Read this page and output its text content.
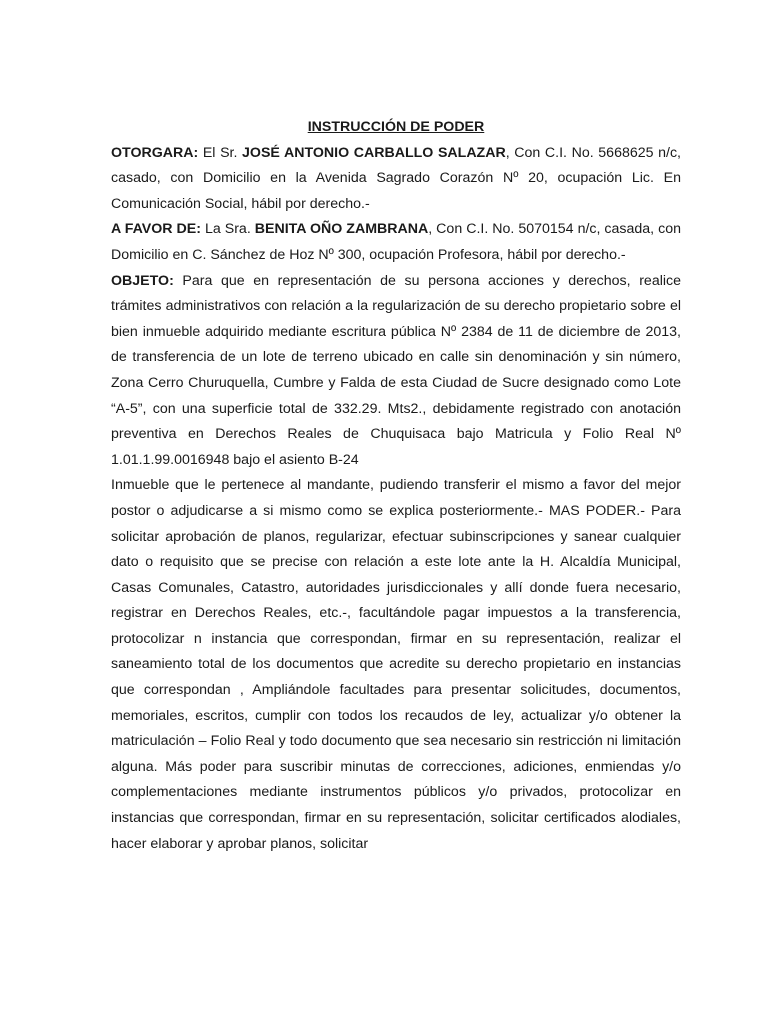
INSTRUCCIÓN DE PODER

OTORGARA: El Sr. JOSÉ ANTONIO CARBALLO SALAZAR, Con C.I. No. 5668625 n/c, casado, con Domicilio en la Avenida Sagrado Corazón Nº 20, ocupación Lic. En Comunicación Social, hábil por derecho.-

A FAVOR DE: La Sra. BENITA OÑO ZAMBRANA, Con C.I. No. 5070154 n/c, casada, con Domicilio en C. Sánchez de Hoz Nº 300, ocupación Profesora, hábil por derecho.-

OBJETO: Para que en representación de su persona acciones y derechos, realice trámites administrativos con relación a la regularización de su derecho propietario sobre el bien inmueble adquirido mediante escritura pública Nº 2384 de 11 de diciembre de 2013, de transferencia de un lote de terreno ubicado en calle sin denominación y sin número, Zona Cerro Churuquella, Cumbre y Falda de esta Ciudad de Sucre designado como Lote “A-5”, con una superficie total de 332.29. Mts2., debidamente registrado con anotación preventiva en Derechos Reales de Chuquisaca bajo Matricula y Folio Real Nº 1.01.1.99.0016948 bajo el asiento B-24

Inmueble que le pertenece al mandante, pudiendo transferir el mismo a favor del mejor postor o adjudicarse a si mismo como se explica posteriormente.- MAS PODER.- Para solicitar aprobación de planos, regularizar, efectuar subinscripciones y sanear cualquier dato o requisito que se precise con relación a este lote ante la H. Alcaldía Municipal, Casas Comunales, Catastro, autoridades jurisdiccionales y allí donde fuera necesario, registrar en Derechos Reales, etc.-, facultándole pagar impuestos a la transferencia, protocolizar n instancia que correspondan, firmar en su representación, realizar el saneamiento total de los documentos que acredite su derecho propietario en instancias que correspondan , Ampliándole facultades para presentar solicitudes, documentos, memoriales, escritos, cumplir con todos los recaudos de ley, actualizar y/o obtener la matriculación – Folio Real y todo documento que sea necesario sin restricción ni limitación alguna. Más poder para suscribir minutas de correcciones, adiciones, enmiendas y/o complementaciones mediante instrumentos públicos y/o privados, protocolizar en instancias que correspondan, firmar en su representación, solicitar certificados alodiales, hacer elaborar y aprobar planos, solicitar
